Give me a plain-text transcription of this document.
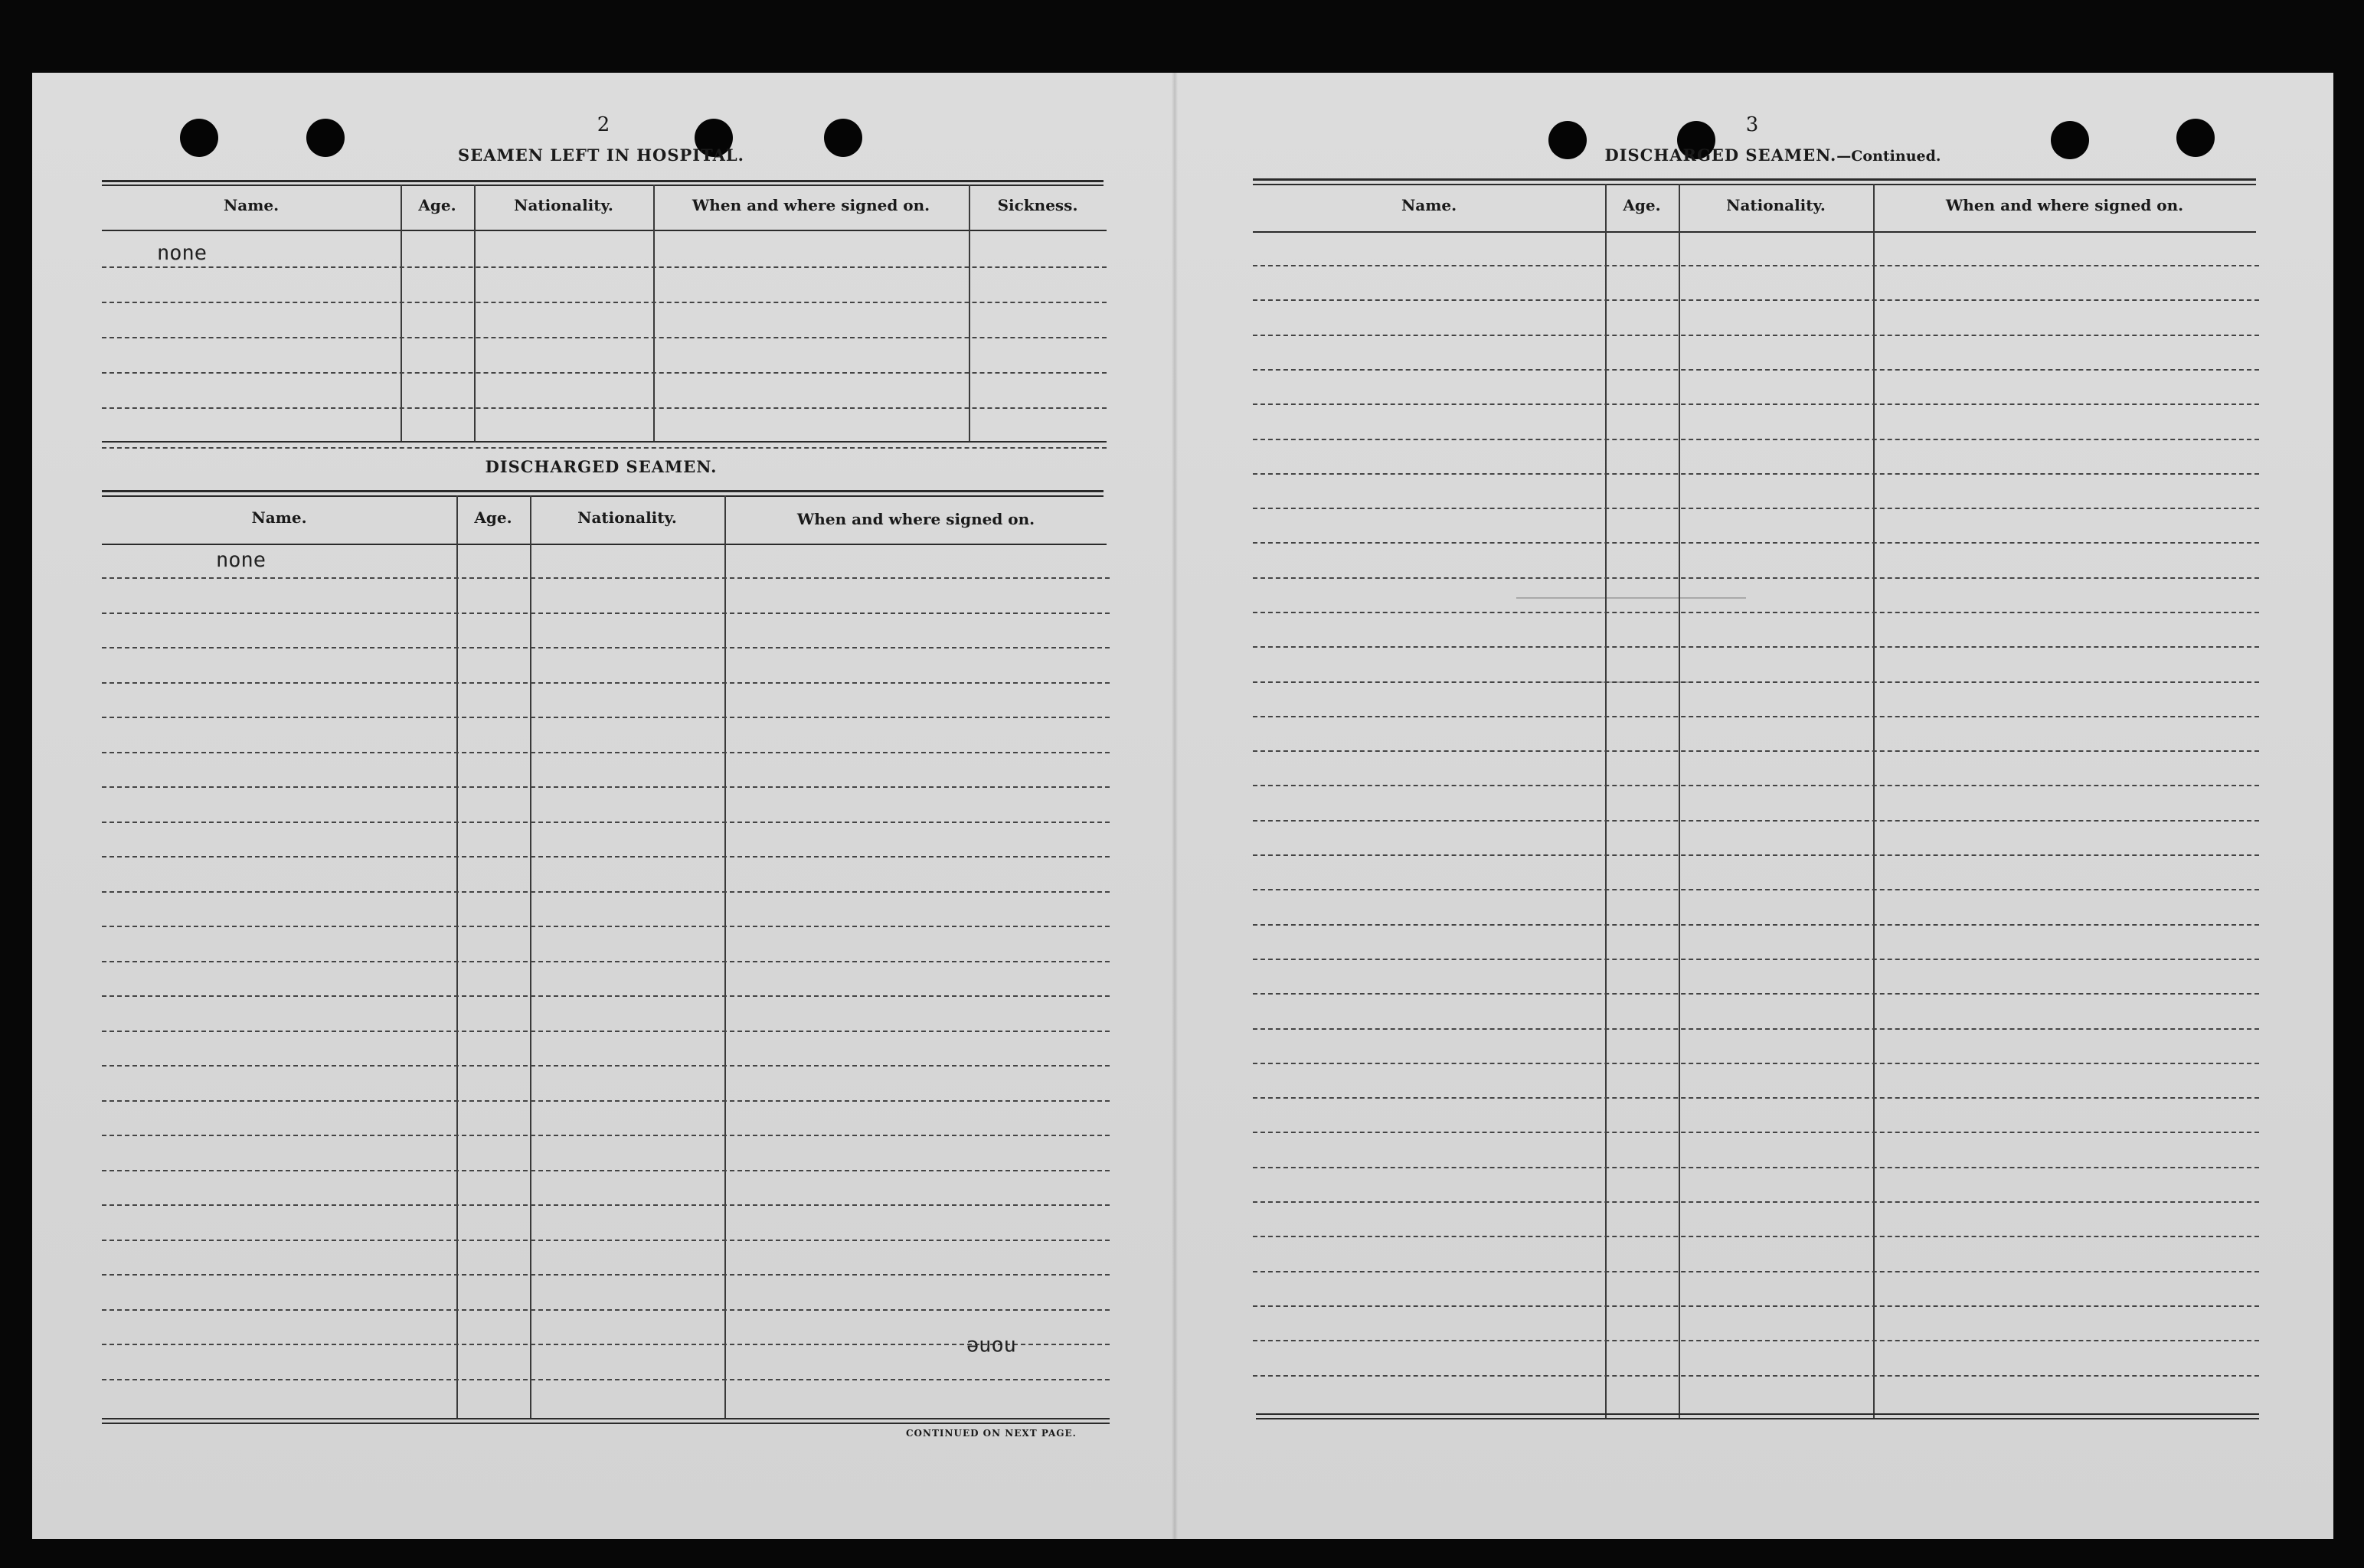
2
SEAMEN LEFT IN HOSPITAL.
Name.	Age.	Nationality.	When and where signed on.	Sickness.
none
DISCHARGED SEAMEN.
Name.	Age.	Nationality.	When and where signed on.
none
none
CONTINUED ON NEXT PAGE.
3
DISCHARGED SEAMEN.—Continued.
Name.	Age.	Nationality.	When and where signed on.
